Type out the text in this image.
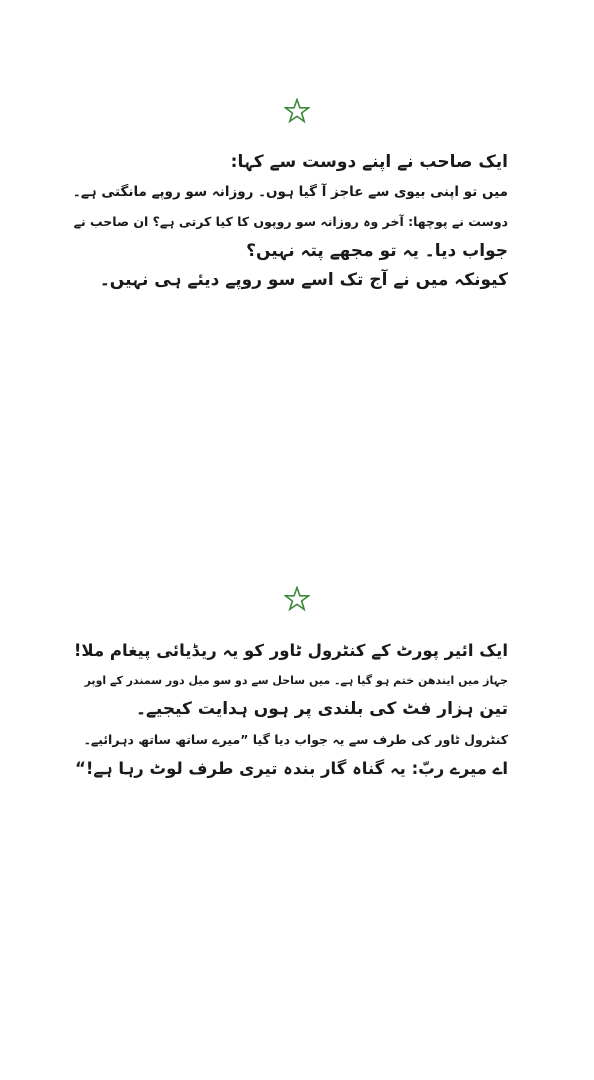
ایک صاحب نے اپنے دوست سے کہا:
میں تو اپنی بیوی سے عاجز آ گیا ہوں۔ روزانہ سو روپے مانگتی ہے۔
دوست نے پوچھا: آخر وہ روزانہ سو روپوں کا کیا کرتی ہے؟ ان صاحب نے
جواب دیا۔ یہ تو مجھے پتہ نہیں؟
کیونکہ میں نے آج تک اسے سو روپے دیئے ہی نہیں۔
ایک ائیر پورٹ کے کنٹرول ٹاور کو یہ ریڈیائی پیغام ملا!
جہاز میں ایندھن ختم ہو گیا ہے۔ میں ساحل سے دو سو میل دور سمندر کے اوپر
تین ہزار فٹ کی بلندی پر ہوں ہدایت کیجیے۔
کنٹرول ٹاور کی طرف سے یہ جواب دیا گیا ”میرے ساتھ ساتھ دہرائیے۔
اے میرے ربّ: یہ گناہ گار بندہ تیری طرف لوٹ رہا ہے!“
